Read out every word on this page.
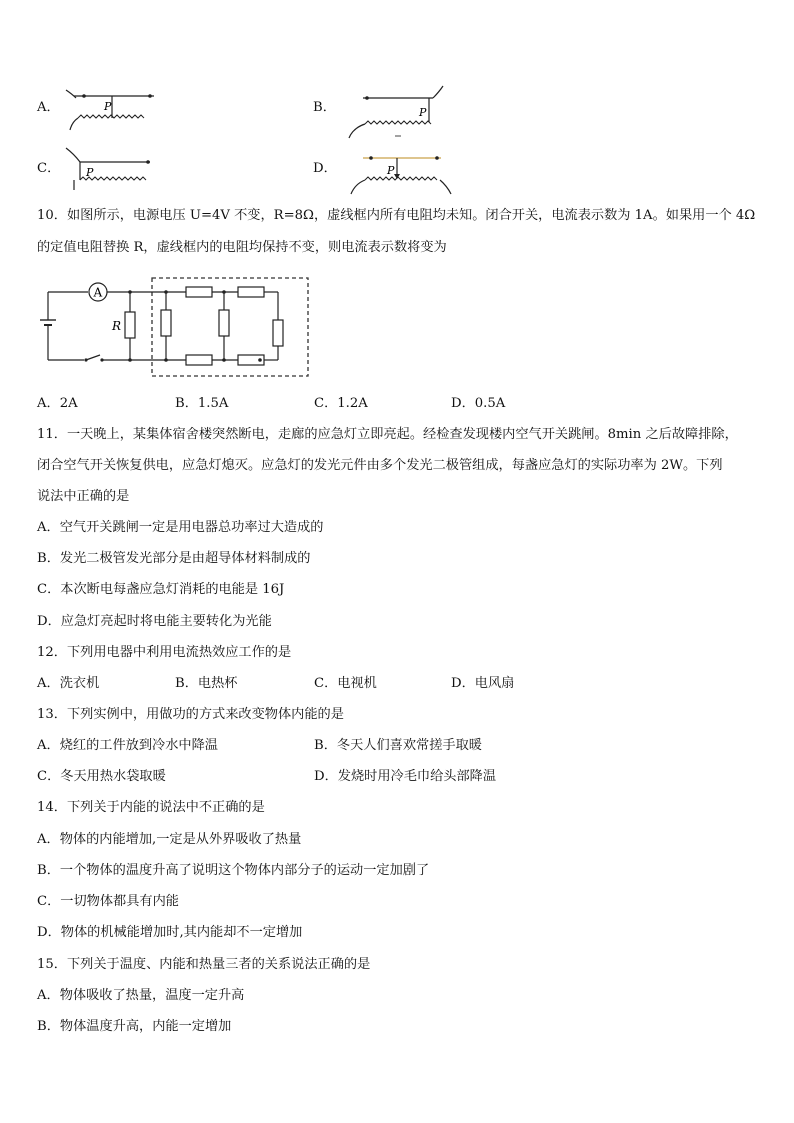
A．	P	B．	P
C． P	D．	P
10．如图所示，电源电压 U=4V 不变，R=8Ω，虚线框内所有电阻均未知。闭合开关，电流表示数为 1A。如果用一个 4Ω
的定值电阻替换 R，虚线框内的电阻均保持不变，则电流表示数将变为
A
R
A．2A	B．1.5A	C．1.2A	D．0.5A
11．一天晚上，某集体宿舍楼突然断电，走廊的应急灯立即亮起。经检查发现楼内空气开关跳闸。8min 之后故障排除，
闭合空气开关恢复供电，应急灯熄灭。应急灯的发光元件由多个发光二极管组成，每盏应急灯的实际功率为 2W。下列
说法中正确的是
A．空气开关跳闸一定是用电器总功率过大造成的
B．发光二极管发光部分是由超导体材料制成的
C．本次断电每盏应急灯消耗的电能是 16J
D．应急灯亮起时将电能主要转化为光能
12．下列用电器中利用电流热效应工作的是
A．洗衣机	B．电热杯	C．电视机	D．电风扇
13．下列实例中，用做功的方式来改变物体内能的是
A．烧红的工件放到冷水中降温	B．冬天人们喜欢常搓手取暖
C．冬天用热水袋取暖	D．发烧时用冷毛巾给头部降温
14．下列关于内能的说法中不正确的是
A．物体的内能增加,一定是从外界吸收了热量
B．一个物体的温度升高了说明这个物体内部分子的运动一定加剧了
C．一切物体都具有内能
D．物体的机械能增加时,其内能却不一定增加
15．下列关于温度、内能和热量三者的关系说法正确的是
A．物体吸收了热量，温度一定升高
B．物体温度升高，内能一定增加
